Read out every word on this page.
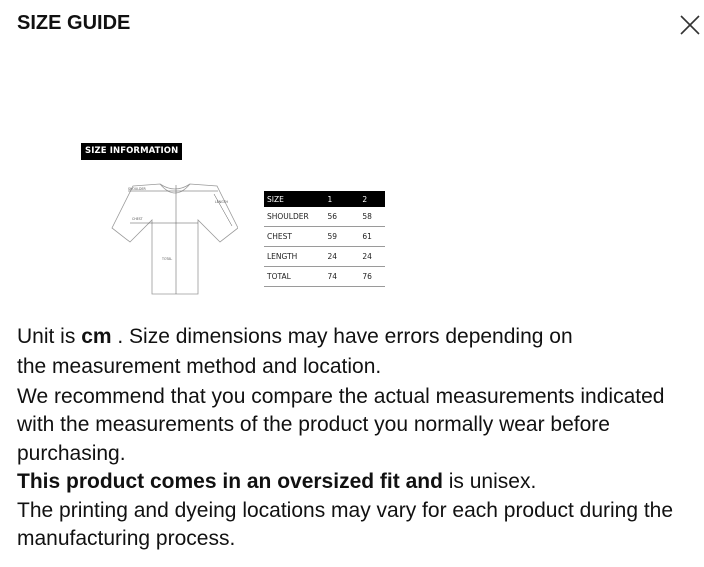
SIZE GUIDE
SIZE INFORMATION
SHOULDER
LENGTH
CHEST
TOTAL
SIZE	1	2
SHOULDER	56	58
CHEST	59	61
LENGTH	24	24
TOTAL	74	76

Unit is cm . Size dimensions may have errors depending on

the measurement method and location.

We recommend that you compare the actual measurements indicated with the measurements of the product you normally wear before purchasing.

This product comes in an oversized fit and is unisex.

The printing and dyeing locations may vary for each product during the manufacturing process.
